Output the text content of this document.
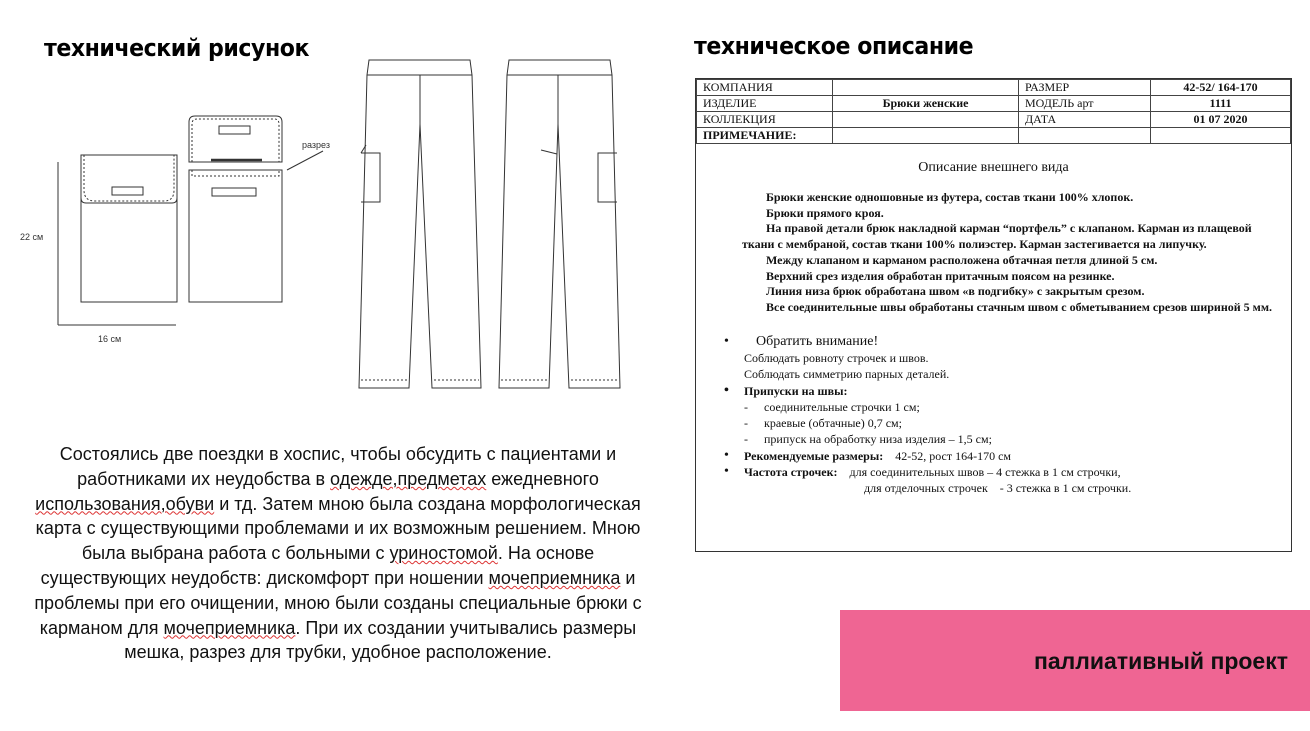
технический рисунок	техническое описание
22 см
16 см
разрез
Состоялись две поездки в хоспис, чтобы обсудить с пациентами и работниками их неудобства в одежде,предметах ежедневного использования,обуви и тд. Затем мною была создана морфологическая карта с существующими проблемами и их возможным решением. Мною была выбрана работа с больными с уриностомой. На основе существующих неудобств: дискомфорт при ношении мочеприемника и проблемы при его очищении, мною были созданы специальные брюки с карманом для мочеприемника. При их создании учитывались размеры мешка, разрез для трубки, удобное расположение.
КОМПАНИЯ		РАЗМЕР	42-52/ 164-170
ИЗДЕЛИЕ	Брюки женские	МОДЕЛЬ арт	1111
КОЛЛЕКЦИЯ		ДАТА	01 07 2020
ПРИМЕЧАНИЕ:			
Описание внешнего вида

Брюки женские одношовные из футера, состав ткани 100% хлопок.

Брюки прямого кроя.

На правой детали брюк накладной карман “портфель” с клапаном. Карман из плащевой ткани с мембраной, состав ткани 100% полиэстер. Карман застегивается на липучку.

Между клапаном и карманом расположена обтачная петля длиной 5 см.

Верхний срез изделия обработан притачным поясом на резинке.

Линия низа брюк обработана швом «в подгибку» с закрытым срезом.

Все соединительные швы обработаны стачным швом с обметыванием срезов шириной 5 мм.

• Обратить внимание!
Соблюдать ровноту строчек и швов.
Соблюдать симметрию парных деталей.
• Припуски на швы:
- соединительные строчки 1 см;
- краевые (обтачные) 0,7 см;
- припуск на обработку низа изделия – 1,5 см;
• Рекомендуемые размеры: 42-52, рост 164-170 см
• Частота строчек: для соединительных швов – 4 стежка в 1 см строчки,
для отделочных строчек    - 3 стежка в 1 см строчки.
паллиативный проект
